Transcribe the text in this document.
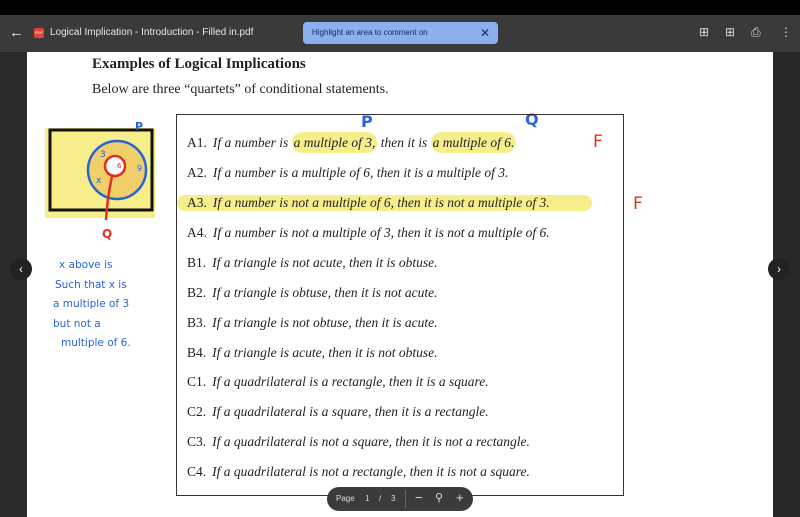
←	PDF Logical Implication - Introduction - Filled in.pdf	Highlight an area to comment on	✕	⊞ ⊞ ⎙ ⋮
Examples of Logical Implications
Below are three “quartets” of conditional statements.
P
3
9
x
6
Q
x above is
Such that x is
a multiple of 3
but not a
multiple of 6.
P	Q
F
F
A1. If a number is a multiple of 3, then it is a multiple of 6.
A2. If a number is a multiple of 6, then it is a multiple of 3.
A3. If a number is not a multiple of 6, then it is not a multiple of 3.
A4. If a number is not a multiple of 3, then it is not a multiple of 6.
B1. If a triangle is not acute, then it is obtuse.
B2. If a triangle is obtuse, then it is not acute.
B3. If a triangle is not obtuse, then it is acute.
B4. If a triangle is acute, then it is not obtuse.
C1. If a quadrilateral is a rectangle, then it is a square.
C2. If a quadrilateral is a square, then it is a rectangle.
C3. If a quadrilateral is not a square, then it is not a rectangle.
C4. If a quadrilateral is not a rectangle, then it is not a square.
‹	›
Page 1 / 3 − ⚲ +
